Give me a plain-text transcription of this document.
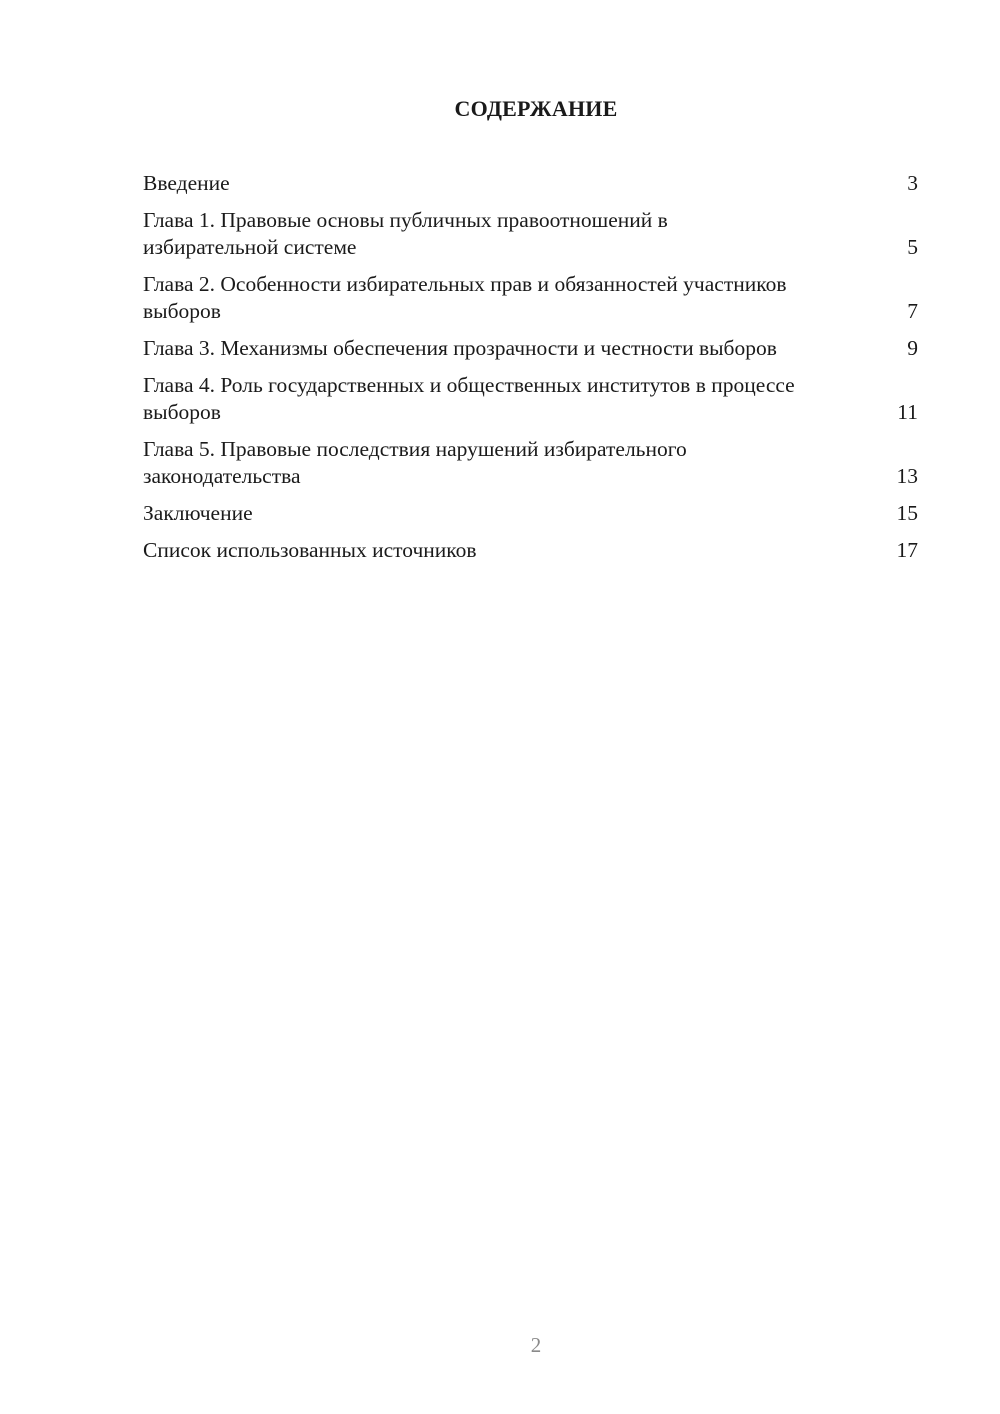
СОДЕРЖАНИЕ
Введение	3
Глава 1. Правовые основы публичных правоотношений в избирательной системе	5
Глава 2. Особенности избирательных прав и обязанностей участников выборов	7
Глава 3. Механизмы обеспечения прозрачности и честности выборов	9
Глава 4. Роль государственных и общественных институтов в процессе выборов	11
Глава 5. Правовые последствия нарушений избирательного законодательства	13
Заключение	15
Список использованных источников	17
2
